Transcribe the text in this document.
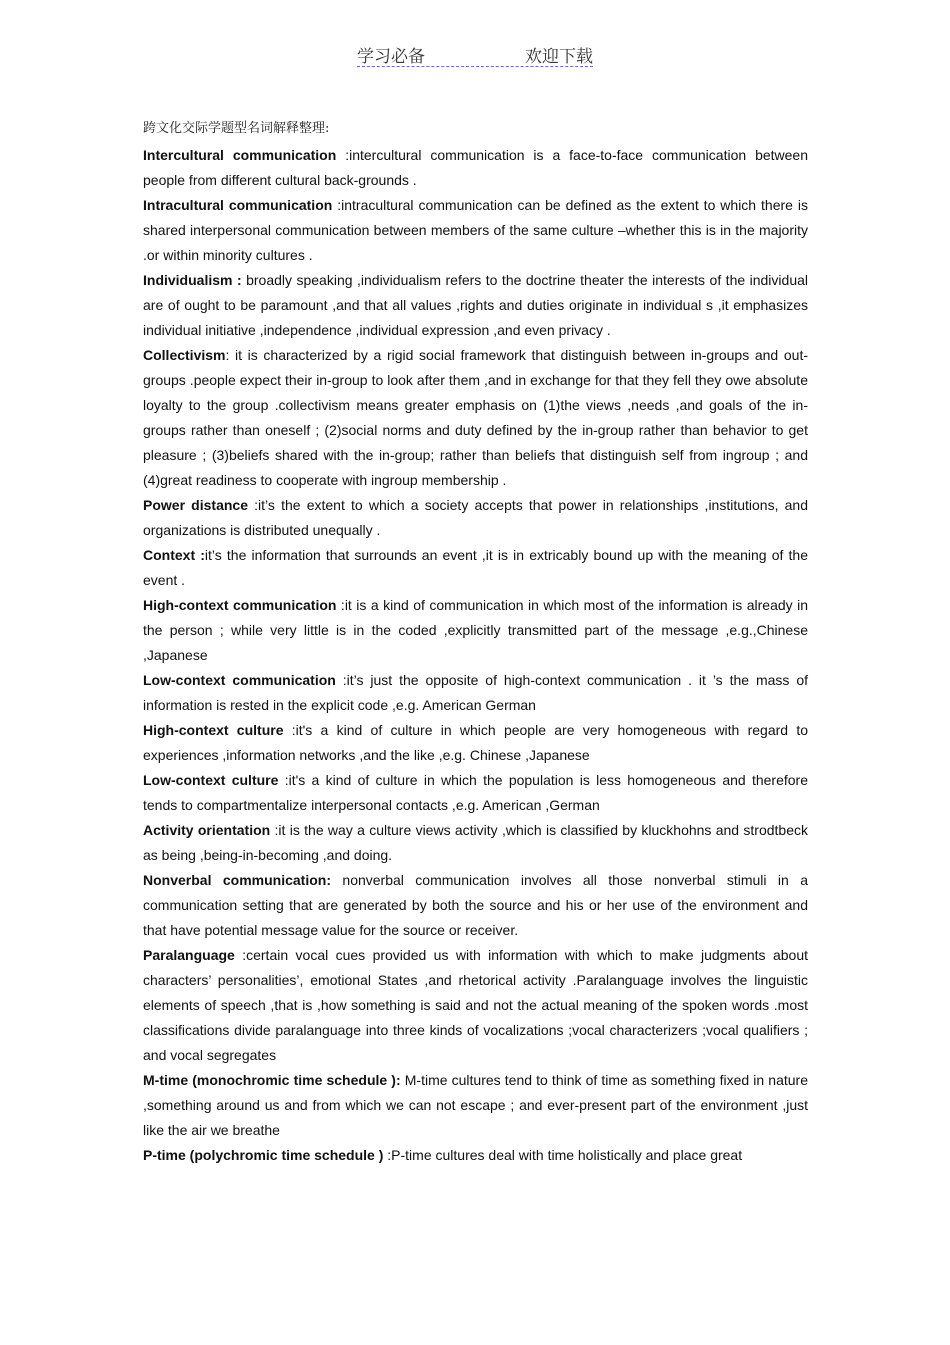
学习必备	欢迎下载
跨文化交际学题型名词解释整理:

Intercultural communication :intercultural communication is a face-to-face communication between people from different cultural back-grounds .

Intracultural communication :intracultural communication can be defined as the extent to which there is shared interpersonal communication between members of the same culture –whether this is in the majority .or within minority cultures .

Individualism : broadly speaking ,individualism refers to the doctrine theater the interests of the individual are of ought to be paramount ,and that all values ,rights and duties originate in individual s ,it emphasizes individual initiative ,independence ,individual expression ,and even privacy .

Collectivism: it is characterized by a rigid social framework that distinguish between in-groups and out-groups .people expect their in-group to look after them ,and in exchange for that they fell they owe absolute loyalty to the group .collectivism means greater emphasis on (1)the views ,needs ,and goals of the in-groups rather than oneself ; (2)social norms and duty defined by the in-group rather than behavior to get pleasure ; (3)beliefs shared with the in-group; rather than beliefs that distinguish self from ingroup ; and (4)great readiness to cooperate with ingroup membership .

Power distance :it’s the extent to which a society accepts that power in relationships ,institutions, and organizations is distributed unequally .

Context :it’s the information that surrounds an event ,it is in extricably bound up with the meaning of the event .

High-context communication :it is a kind of communication in which most of the information is already in the person ; while very little is in the coded ,explicitly transmitted part of the message ,e.g.,Chinese ,Japanese

Low-context communication :it’s just the opposite of high-context communication . it ’s the mass of information is rested in the explicit code ,e.g. American German

High-context culture :it's a kind of culture in which people are very homogeneous with regard to experiences ,information networks ,and the like ,e.g. Chinese ,Japanese

Low-context culture :it's a kind of culture in which the population is less homogeneous and therefore tends to compartmentalize interpersonal contacts ,e.g. American ,German

Activity orientation :it is the way a culture views activity ,which is classified by kluckhohns and strodtbeck as being ,being-in-becoming ,and doing.

Nonverbal communication: nonverbal communication involves all those nonverbal stimuli in a communication setting that are generated by both the source and his or her use of the environment and that have potential message value for the source or receiver.

Paralanguage :certain vocal cues provided us with information with which to make judgments about characters’ personalities’, emotional States ,and rhetorical activity .Paralanguage involves the linguistic elements of speech ,that is ,how something is said and not the actual meaning of the spoken words .most classifications divide paralanguage into three kinds of vocalizations ;vocal characterizers ;vocal qualifiers ; and vocal segregates

M-time (monochromic time schedule ): M-time cultures tend to think of time as something fixed in nature ,something around us and from which we can not escape ; and ever-present part of the environment ,just like the air we breathe

P-time (polychromic time schedule ) :P-time cultures deal with time holistically and place great
